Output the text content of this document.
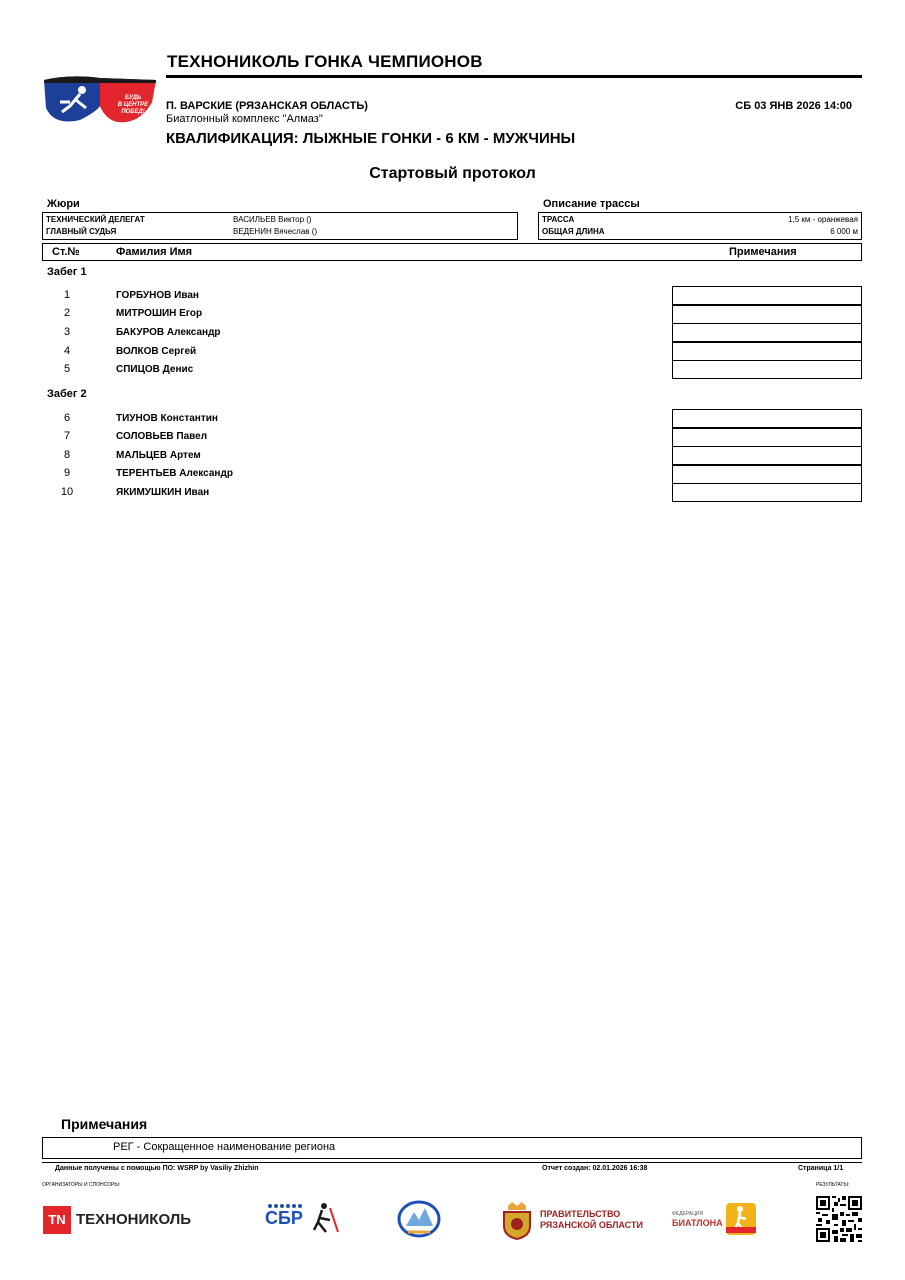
БУДЬ
В ЦЕНТРЕ
ПОБЕД!
ТЕХНОНИКОЛЬ ГОНКА ЧЕМПИОНОВ
П. ВАРСКИЕ (РЯЗАНСКАЯ ОБЛАСТЬ)
Биатлонный комплекс "Алмаз"
СБ 03 ЯНВ 2026 14:00
КВАЛИФИКАЦИЯ: ЛЫЖНЫЕ ГОНКИ - 6 КМ - МУЖЧИНЫ
Стартовый протокол
Жюри
ТЕХНИЧЕСКИЙ ДЕЛЕГАТ	ВАСИЛЬЕВ Виктор ()
ГЛАВНЫЙ СУДЬЯ	ВЕДЕНИН Вячеслав ()
Описание трассы
ТРАССА	1,5 км - оранжевая
ОБЩАЯ ДЛИНА	6 000 м
Ст.№	Фамилия Имя	Примечания
Забег 1
1	ГОРБУНОВ Иван
2	МИТРОШИН Егор
3	БАКУРОВ Александр
4	ВОЛКОВ Сергей
5	СПИЦОВ Денис
Забег 2
6	ТИУНОВ Константин
7	СОЛОВЬЕВ Павел
8	МАЛЬЦЕВ Артем
9	ТЕРЕНТЬЕВ Александр
10	ЯКИМУШКИН Иван
Примечания
РЕГ - Сокращенное наименование региона
Данные получены с помощью ПО: WSRP by Vasiliy Zhizhin	Отчет создан: 02.01.2026 16:38	Страница 1/1
ОРГАНИЗАТОРЫ И СПОНСОРЫ:	РЕЗУЛЬТАТЫ:
TN ТЕХНОНИКОЛЬ	СБР	ПРАВИТЕЛЬСТВО
РЯЗАНСКОЙ ОБЛАСТИ
ФЕДЕРАЦИЯ
БИАТЛОНА
